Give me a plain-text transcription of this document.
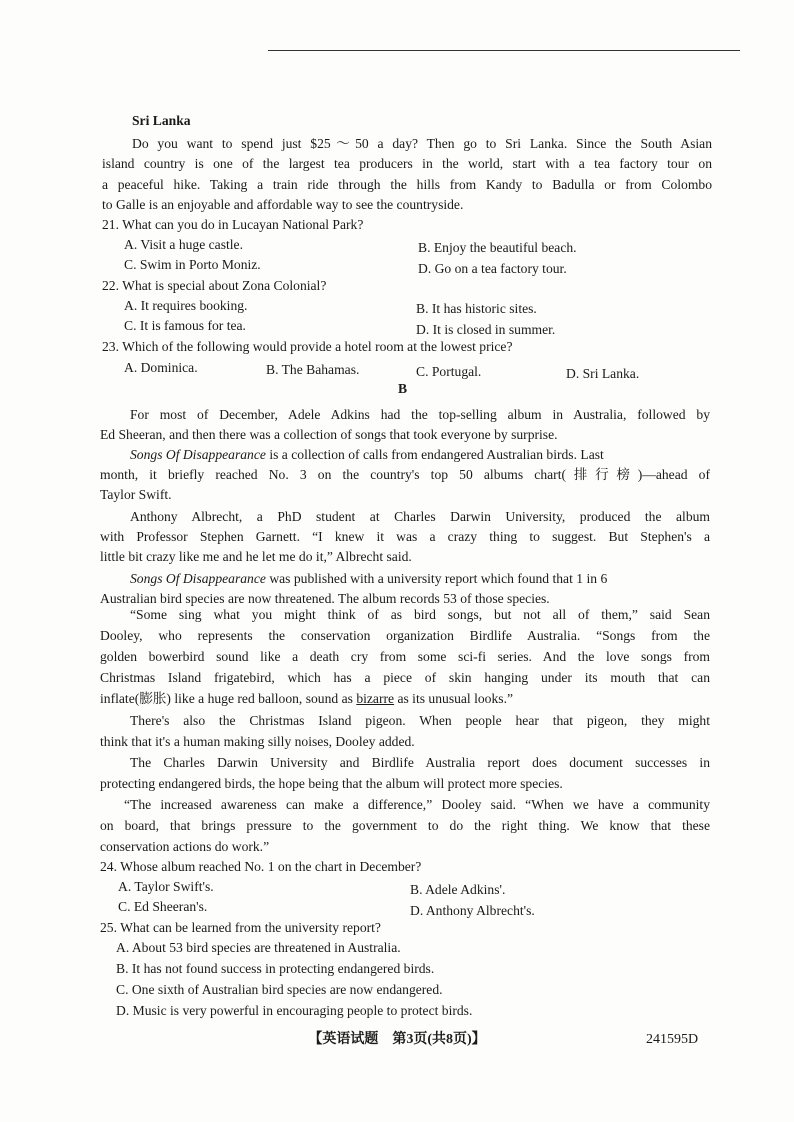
Sri Lanka
Do you want to spend just $25～50 a day? Then go to Sri Lanka. Since the South Asian
island country is one of the largest tea producers in the world, start with a tea factory tour on
a peaceful hike. Taking a train ride through the hills from Kandy to Badulla or from Colombo
to Galle is an enjoyable and affordable way to see the countryside.
21. What can you do in Lucayan National Park?
A. Visit a huge castle.	B. Enjoy the beautiful beach.
C. Swim in Porto Moniz.	D. Go on a tea factory tour.
22. What is special about Zona Colonial?
A. It requires booking.	B. It has historic sites.
C. It is famous for tea.	D. It is closed in summer.
23. Which of the following would provide a hotel room at the lowest price?
A. Dominica.	B. The Bahamas.	C. Portugal.	D. Sri Lanka.
B
For most of December, Adele Adkins had the top-selling album in Australia, followed by
Ed Sheeran, and then there was a collection of songs that took everyone by surprise.
Songs Of Disappearance is a collection of calls from endangered Australian birds. Last
month, it briefly reached No. 3 on the country's top 50 albums chart(排行榜)—ahead of
Taylor Swift.
Anthony Albrecht, a PhD student at Charles Darwin University, produced the album
with Professor Stephen Garnett. “I knew it was a crazy thing to suggest. But Stephen's a
little bit crazy like me and he let me do it,” Albrecht said.
Songs Of Disappearance was published with a university report which found that 1 in 6
Australian bird species are now threatened. The album records 53 of those species.
“Some sing what you might think of as bird songs, but not all of them,” said Sean
Dooley, who represents the conservation organization Birdlife Australia. “Songs from the
golden bowerbird sound like a death cry from some sci-fi series. And the love songs from
Christmas Island frigatebird, which has a piece of skin hanging under its mouth that can
inflate(膨胀) like a huge red balloon, sound as bizarre as its unusual looks.”
There's also the Christmas Island pigeon. When people hear that pigeon, they might
think that it's a human making silly noises, Dooley added.
The Charles Darwin University and Birdlife Australia report does document successes in
protecting endangered birds, the hope being that the album will protect more species.
“The increased awareness can make a difference,” Dooley said. “When we have a community
on board, that brings pressure to the government to do the right thing. We know that these
conservation actions do work.”
24. Whose album reached No. 1 on the chart in December?
A. Taylor Swift's.	B. Adele Adkins'.
C. Ed Sheeran's.	D. Anthony Albrecht's.
25. What can be learned from the university report?
A. About 53 bird species are threatened in Australia.
B. It has not found success in protecting endangered birds.
C. One sixth of Australian bird species are now endangered.
D. Music is very powerful in encouraging people to protect birds.
【英语试题　第3页(共8页)】	241595D
